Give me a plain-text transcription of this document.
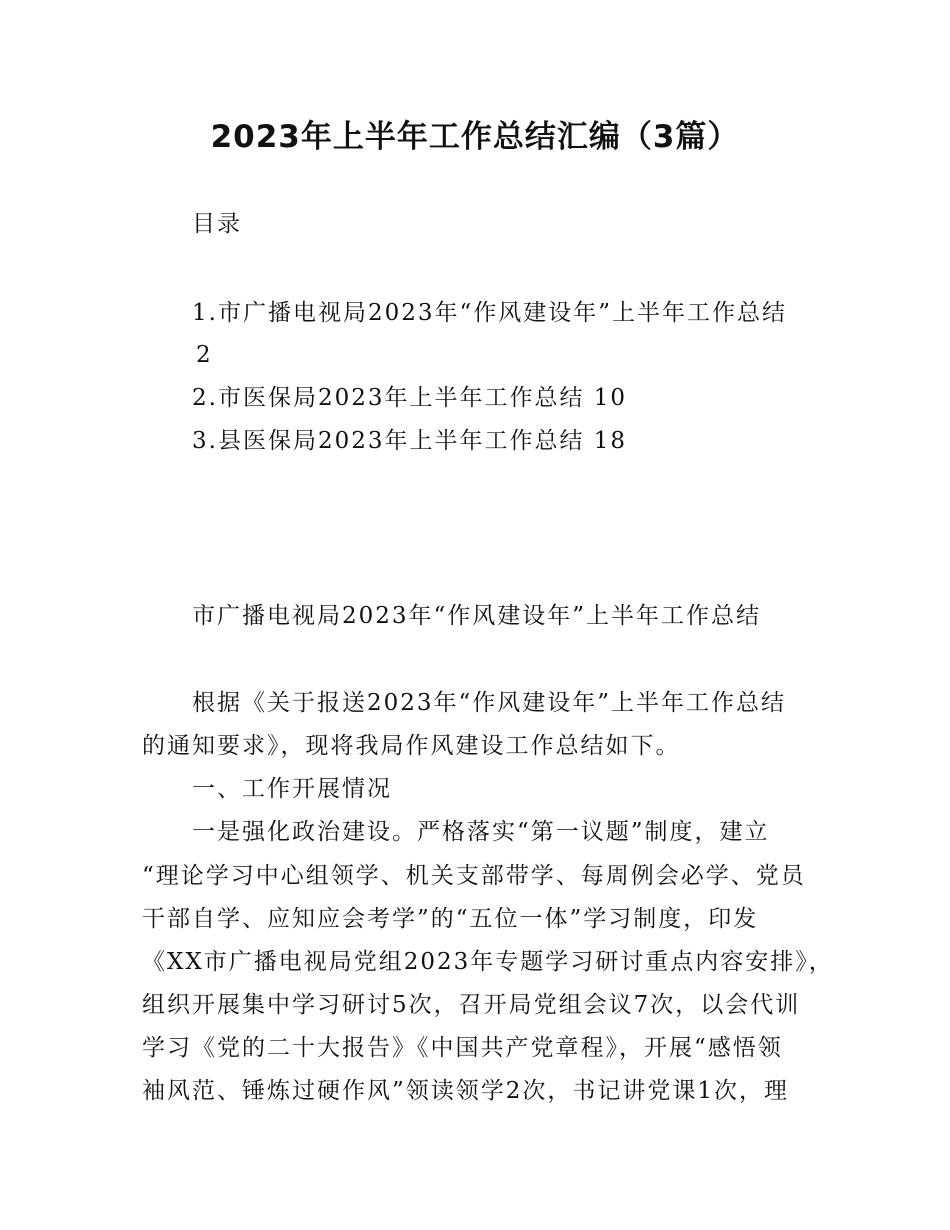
2023年上半年工作总结汇编（3篇）
目录
1.市广播电视局2023年“作风建设年”上半年工作总结
2
2.市医保局2023年上半年工作总结 10
3.县医保局2023年上半年工作总结 18
市广播电视局2023年“作风建设年”上半年工作总结
根据《关于报送2023年“作风建设年”上半年工作总结
的通知要求》，现将我局作风建设工作总结如下。
一、工作开展情况
一是强化政治建设。严格落实“第一议题”制度，建立
“理论学习中心组领学、机关支部带学、每周例会必学、党员
干部自学、应知应会考学”的“五位一体”学习制度，印发
《XX市广播电视局党组2023年专题学习研讨重点内容安排》，
组织开展集中学习研讨5次，召开局党组会议7次，以会代训
学习《党的二十大报告》《中国共产党章程》，开展“感悟领
袖风范、锤炼过硬作风”领读领学2次，书记讲党课1次，理
